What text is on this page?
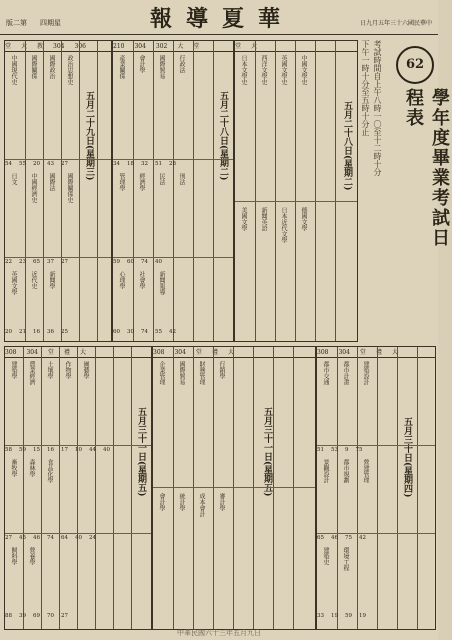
版二第 四期星	報導夏華	日九月五年三十六國民華中
62
學年度畢業考試日程表
考試時間自上午八時一〇至十二時十分
下午一時十分至五時十分止
堂 大 教 304 306
中國現代史 國際關係 國際政治 政治思想史
五月二十九日(星期三)
54 55 20 43 27
日文 中國經濟史 國際法 國際關係史
22 23 65 37 27
英國文學 近代史 新聞學
20 21 16 36 25
210 304 302 大 堂
產業關係 會計學 國際貿易 行政法
五月二十八日(星期二)
34 18 32 51 28
管理學 經濟學 民法 刑法
59 60 74 40
心理學 社會學 新聞報導
60 30 74 55 42
堂 大
日本文學史 西洋文學史 英國文學史 中國文學史
五月二十八日(星期二)
美國文學 新聞英語 日本近代文學 德國文學
308 304 堂 禮 大
建築學 農業經濟 土壤學 作物學 園藝學
五月三十一日(星期五)
58 59 15 16 17 10 44 40
畜牧學 森林學 食品化學
27 45 46 74 64 40 24
飼料學 營養學
88 39 69 70 27
308 304 堂 禮 大
企業管理 國際貿易 財務管理 行銷學
五月三十一日(星期五)
會計學 統計學 成本會計 審計學
308 304 堂 禮 大
都市交通 都市計畫 建築設計
五月三十日(星期四)
51 53 9 75
景觀設計 都市規劃 營建管理
65 46 75 42
建築史 環境工程
33 19 59 19
中華民國六十三年五月九日
